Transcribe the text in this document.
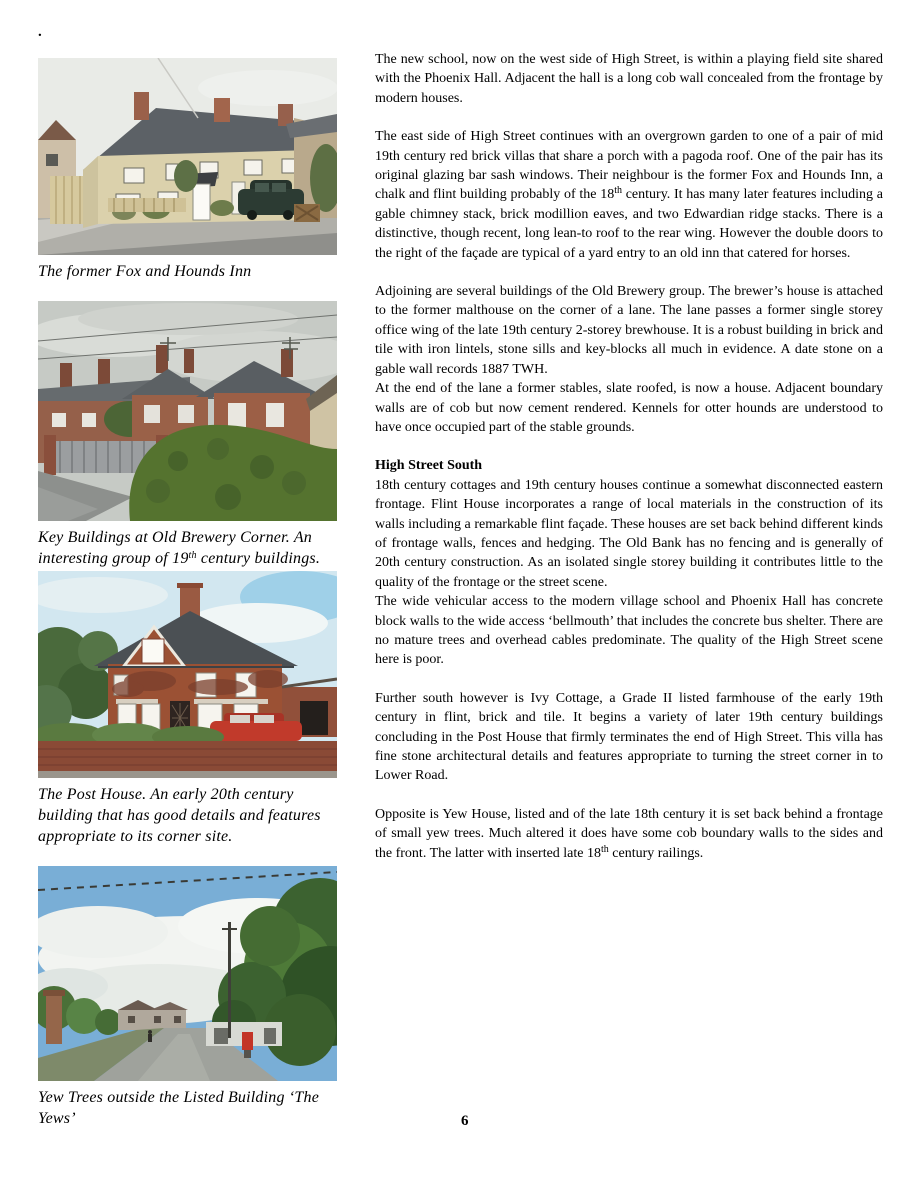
.
The former Fox and Hounds Inn
Key Buildings at Old Brewery Corner. An interesting group of 19th century buildings.
The Post House. An early 20th century building that has good details and features appropriate to its corner site.
Yew Trees outside the Listed Building ‘The Yews’

The new school, now on the west side of High Street, is within a playing field site shared with the Phoenix Hall. Adjacent the hall is a long cob wall concealed from the frontage by modern houses.

The east side of High Street continues with an overgrown garden to one of a pair of mid 19th century red brick villas that share a porch with a pagoda roof. One of the pair has its original glazing bar sash windows. Their neighbour is the former Fox and Hounds Inn, a chalk and flint building probably of the 18th century. It has many later features including a gable chimney stack, brick modillion eaves, and two Edwardian ridge stacks. There is a distinctive, though recent, long lean-to roof to the rear wing. However the double doors to the right of the façade are typical of a yard entry to an old inn that catered for horses.

Adjoining are several buildings of the Old Brewery group. The brewer’s house is attached to the former malthouse on the corner of a lane. The lane passes a former single storey office wing of the late 19th century 2-storey brewhouse. It is a robust building in brick and tile with iron lintels, stone sills and key-blocks all much in evidence. A date stone on a gable wall records 1887 TWH.

At the end of the lane a former stables, slate roofed, is now a house. Adjacent boundary walls are of cob but now cement rendered. Kennels for otter hounds are understood to have once occupied part of the stable grounds.

High Street South

18th century cottages and 19th century houses continue a somewhat disconnected eastern frontage. Flint House incorporates a range of local materials in the construction of its walls including a remarkable flint façade. These houses are set back behind different kinds of frontage walls, fences and hedging. The Old Bank has no fencing and is generally of 20th century construction. As an isolated single storey building it contributes little to the quality of the frontage or the street scene.

The wide vehicular access to the modern village school and Phoenix Hall has concrete block walls to the wide access ‘bellmouth’ that includes the concrete bus shelter. There are no mature trees and overhead cables predominate. The quality of the High Street scene here is poor.

Further south however is Ivy Cottage, a Grade II listed farmhouse of the early 19th century in flint, brick and tile. It begins a variety of later 19th century buildings concluding in the Post House that firmly terminates the end of High Street. This villa has fine stone architectural details and features appropriate to turning the street corner in to Lower Road.

Opposite is Yew House, listed and of the late 18th century it is set back behind a frontage of small yew trees. Much altered it does have some cob boundary walls to the sides and the front. The latter with inserted late 18th century railings.

6
